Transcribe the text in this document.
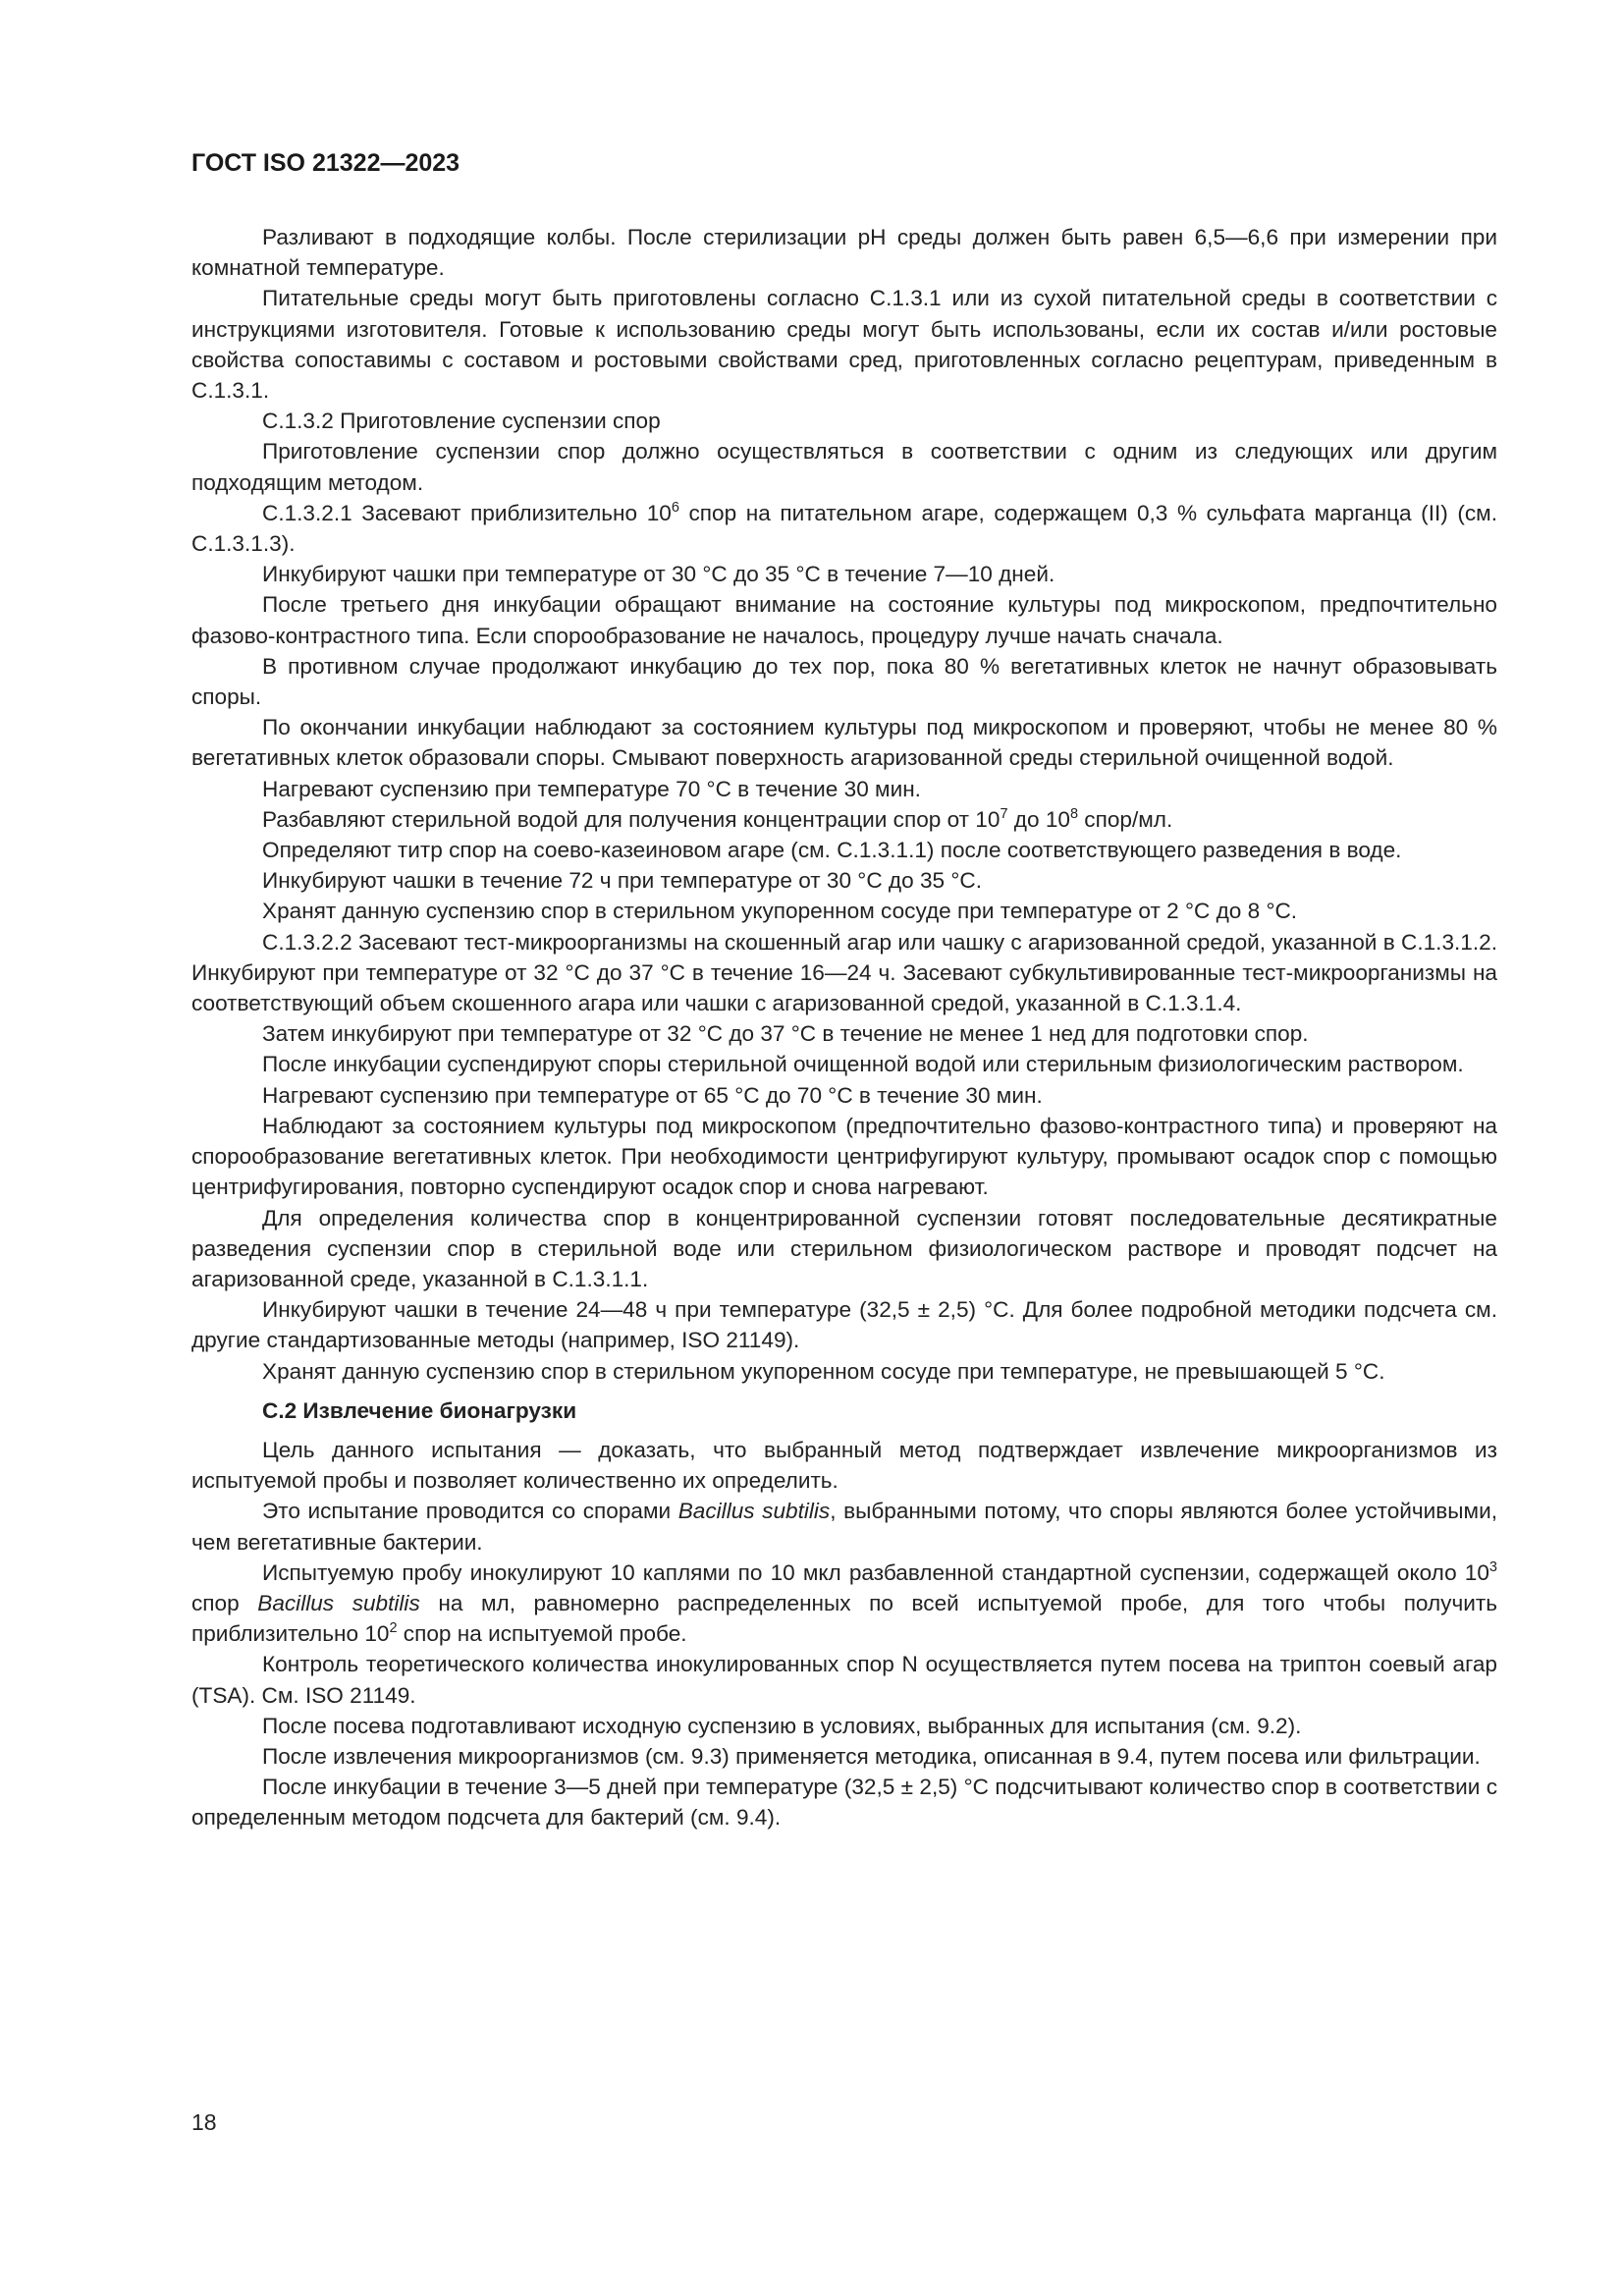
ГОСТ ISO 21322—2023

Разливают в подходящие колбы. После стерилизации pH среды должен быть равен 6,5—6,6 при измерении при комнатной температуре.

Питательные среды могут быть приготовлены согласно C.1.3.1 или из сухой питательной среды в соответствии с инструкциями изготовителя. Готовые к использованию среды могут быть использованы, если их состав и/или ростовые свойства сопоставимы с составом и ростовыми свойствами сред, приготовленных согласно рецептурам, приведенным в C.1.3.1.

C.1.3.2 Приготовление суспензии спор

Приготовление суспензии спор должно осуществляться в соответствии с одним из следующих или другим подходящим методом.

C.1.3.2.1 Засевают приблизительно $10^6$ спор на питательном агаре, содержащем 0,3 % сульфата марганца (II) (см. C.1.3.1.3).

Инкубируют чашки при температуре от 30 °С до 35 °С в течение 7—10 дней.

После третьего дня инкубации обращают внимание на состояние культуры под микроскопом, предпочтительно фазово-контрастного типа. Если спорообразование не началось, процедуру лучше начать сначала.

В противном случае продолжают инкубацию до тех пор, пока 80 % вегетативных клеток не начнут образовывать споры.

По окончании инкубации наблюдают за состоянием культуры под микроскопом и проверяют, чтобы не менее 80 % вегетативных клеток образовали споры. Смывают поверхность агаризованной среды стерильной очищенной водой.

Нагревают суспензию при температуре 70 °С в течение 30 мин.

Разбавляют стерильной водой для получения концентрации спор от $10^7$ до $10^8$ спор/мл.

Определяют титр спор на соево-казеиновом агаре (см. C.1.3.1.1) после соответствующего разведения в воде.

Инкубируют чашки в течение 72 ч при температуре от 30 °С до 35 °С.

Хранят данную суспензию спор в стерильном укупоренном сосуде при температуре от 2 °С до 8 °С.

C.1.3.2.2 Засевают тест-микроорганизмы на скошенный агар или чашку с агаризованной средой, указанной в C.1.3.1.2. Инкубируют при температуре от 32 °С до 37 °С в течение 16—24 ч. Засевают субкультивированные тест-микроорганизмы на соответствующий объем скошенного агара или чашки с агаризованной средой, указанной в C.1.3.1.4.

Затем инкубируют при температуре от 32 °С до 37 °С в течение не менее 1 нед для подготовки спор.

После инкубации суспендируют споры стерильной очищенной водой или стерильным физиологическим раствором.

Нагревают суспензию при температуре от 65 °С до 70 °С в течение 30 мин.

Наблюдают за состоянием культуры под микроскопом (предпочтительно фазово-контрастного типа) и проверяют на спорообразование вегетативных клеток. При необходимости центрифугируют культуру, промывают осадок спор с помощью центрифугирования, повторно суспендируют осадок спор и снова нагревают.

Для определения количества спор в концентрированной суспензии готовят последовательные десятикратные разведения суспензии спор в стерильной воде или стерильном физиологическом растворе и проводят подсчет на агаризованной среде, указанной в C.1.3.1.1.

Инкубируют чашки в течение 24—48 ч при температуре (32,5 ± 2,5) °С. Для более подробной методики подсчета см. другие стандартизованные методы (например, ISO 21149).

Хранят данную суспензию спор в стерильном укупоренном сосуде при температуре, не превышающей 5 °С.

C.2 Извлечение бионагрузки

Цель данного испытания — доказать, что выбранный метод подтверждает извлечение микроорганизмов из испытуемой пробы и позволяет количественно их определить.

Это испытание проводится со спорами Bacillus subtilis, выбранными потому, что споры являются более устойчивыми, чем вегетативные бактерии.

Испытуемую пробу инокулируют 10 каплями по 10 мкл разбавленной стандартной суспензии, содержащей около $10^3$ спор Bacillus subtilis на мл, равномерно распределенных по всей испытуемой пробе, для того чтобы получить приблизительно $10^2$ спор на испытуемой пробе.

Контроль теоретического количества инокулированных спор N осуществляется путем посева на триптон соевый агар (TSA). См. ISO 21149.

После посева подготавливают исходную суспензию в условиях, выбранных для испытания (см. 9.2).

После извлечения микроорганизмов (см. 9.3) применяется методика, описанная в 9.4, путем посева или фильтрации.

После инкубации в течение 3—5 дней при температуре (32,5 ± 2,5) °С подсчитывают количество спор в соответствии с определенным методом подсчета для бактерий (см. 9.4).

18
